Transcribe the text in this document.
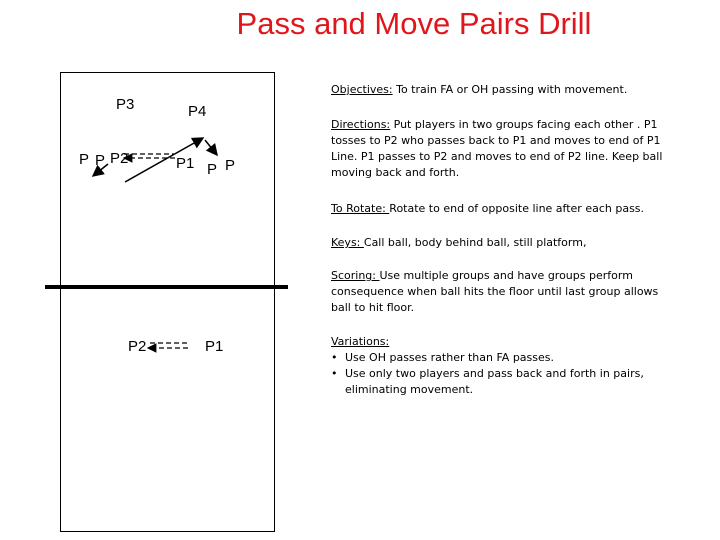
Pass and Move Pairs Drill
P3	P4
P P P2	P1 P P
P2	P1

Objectives: To train FA or OH passing with movement.

Directions: Put players in two groups facing each other . P1 tosses to P2 who passes back to P1 and moves to end of P1 Line. P1 passes to P2 and moves to end of P2 line. Keep ball moving back and forth.

To Rotate: Rotate to end of opposite line after each pass.

Keys: Call ball, body behind ball, still platform,

Scoring: Use multiple groups and have groups perform consequence when ball hits the floor until last group allows ball to hit floor.

Variations:

• Use OH passes rather than FA passes.
• Use only two players and pass back and forth in pairs, eliminating movement.
